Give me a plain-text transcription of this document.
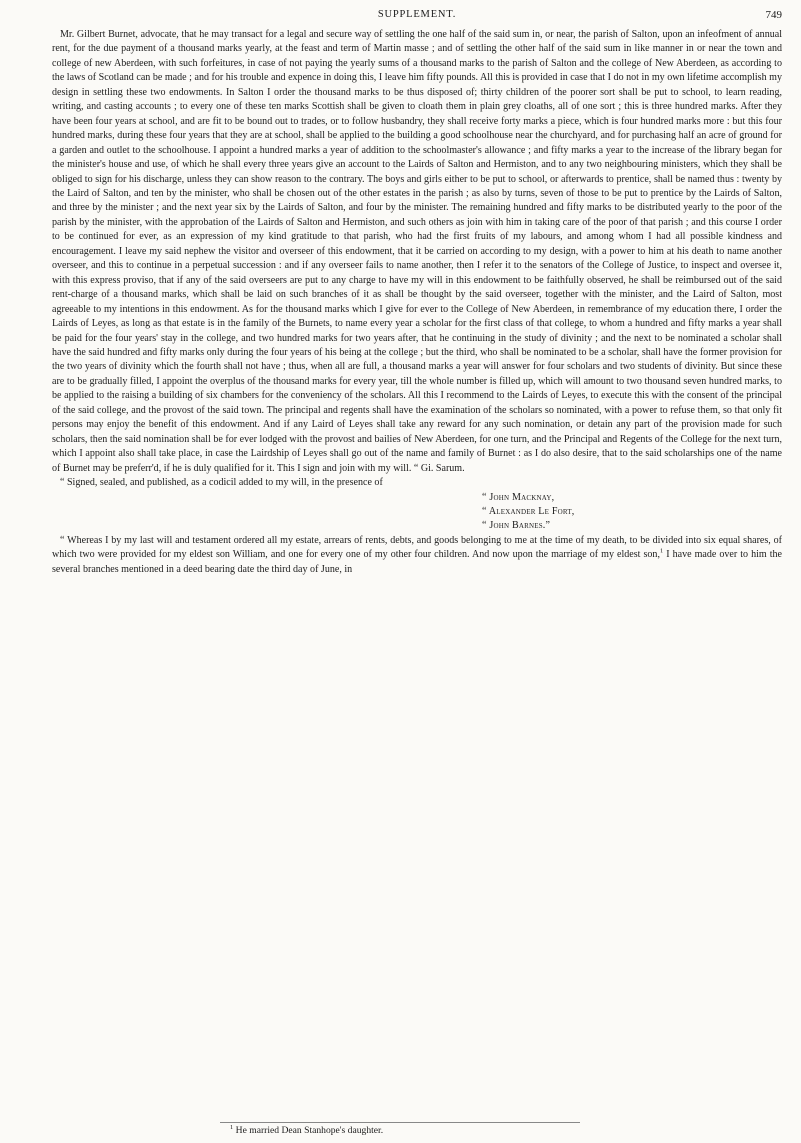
SUPPLEMENT.	749

Mr. Gilbert Burnet, advocate, that he may transact for a legal and secure way of settling the one half of the said sum in, or near, the parish of Salton, upon an infeofment of annual rent, for the due payment of a thousand marks yearly, at the feast and term of Martin masse ; and of settling the other half of the said sum in like manner in or near the town and college of new Aberdeen, with such forfeitures, in case of not paying the yearly sums of a thousand marks to the parish of Salton and the college of New Aberdeen, as according to the laws of Scotland can be made ; and for his trouble and expence in doing this, I leave him fifty pounds. All this is provided in case that I do not in my own lifetime accomplish my design in settling these two endowments. In Salton I order the thousand marks to be thus disposed of; thirty children of the poorer sort shall be put to school, to learn reading, writing, and casting accounts ; to every one of these ten marks Scottish shall be given to cloath them in plain grey cloaths, all of one sort ; this is three hundred marks. After they have been four years at school, and are fit to be bound out to trades, or to follow husbandry, they shall receive forty marks a piece, which is four hundred marks more : but this four hundred marks, during these four years that they are at school, shall be applied to the building a good schoolhouse near the churchyard, and for purchasing half an acre of ground for a garden and outlet to the schoolhouse. I appoint a hundred marks a year of addition to the schoolmaster's allowance ; and fifty marks a year to the increase of the library began for the minister's house and use, of which he shall every three years give an account to the Lairds of Salton and Hermiston, and to any two neighbouring ministers, which they shall be obliged to sign for his discharge, unless they can show reason to the contrary. The boys and girls either to be put to school, or afterwards to prentice, shall be named thus : twenty by the Laird of Salton, and ten by the minister, who shall be chosen out of the other estates in the parish ; as also by turns, seven of those to be put to prentice by the Lairds of Salton, and three by the minister ; and the next year six by the Lairds of Salton, and four by the minister. The remaining hundred and fifty marks to be distributed yearly to the poor of the parish by the minister, with the approbation of the Lairds of Salton and Hermiston, and such others as join with him in taking care of the poor of that parish ; and this course I order to be continued for ever, as an expression of my kind gratitude to that parish, who had the first fruits of my labours, and among whom I had all possible kindness and encouragement. I leave my said nephew the visitor and overseer of this endowment, that it be carried on according to my design, with a power to him at his death to name another overseer, and this to continue in a perpetual succession : and if any overseer fails to name another, then I refer it to the senators of the College of Justice, to inspect and oversee it, with this express proviso, that if any of the said overseers are put to any charge to have my will in this endowment to be faithfully observed, he shall be reimbursed out of the said rent-charge of a thousand marks, which shall be laid on such branches of it as shall be thought by the said overseer, together with the minister, and the Laird of Salton, most agreeable to my intentions in this endowment. As for the thousand marks which I give for ever to the College of New Aberdeen, in remembrance of my education there, I order the Lairds of Leyes, as long as that estate is in the family of the Burnets, to name every year a scholar for the first class of that college, to whom a hundred and fifty marks a year shall be paid for the four years' stay in the college, and two hundred marks for two years after, that he continuing in the study of divinity ; and the next to be nominated a scholar shall have the said hundred and fifty marks only during the four years of his being at the college ; but the third, who shall be nominated to be a scholar, shall have the former provision for the two years of divinity which the fourth shall not have ; thus, when all are full, a thousand marks a year will answer for four scholars and two students of divinity. But since these are to be gradually filled, I appoint the overplus of the thousand marks for every year, till the whole number is filled up, which will amount to two thousand seven hundred marks, to be applied to the raising a building of six chambers for the conveniency of the scholars. All this I recommend to the Lairds of Leyes, to execute this with the consent of the principal of the said college, and the provost of the said town. The principal and regents shall have the examination of the scholars so nominated, with a power to refuse them, so that only fit persons may enjoy the benefit of this endowment. And if any Laird of Leyes shall take any reward for any such nomination, or detain any part of the provision made for such scholars, then the said nomination shall be for ever lodged with the provost and bailies of New Aberdeen, for one turn, and the Principal and Regents of the College for the next turn, which I appoint also shall take place, in case the Lairdship of Leyes shall go out of the name and family of Burnet : as I do also desire, that to the said scholarships one of the name of Burnet may be preferr'd, if he is duly qualified for it. This I sign and join with my will. “ Gi. Sarum.

“ Signed, sealed, and published, as a codicil added to my will, in the presence of

“ John Macknay,

“ Alexander Le Fort,

“ John Barnes.”

“ Whereas I by my last will and testament ordered all my estate, arrears of rents, debts, and goods belonging to me at the time of my death, to be divided into six equal shares, of which two were provided for my eldest son William, and one for every one of my other four children. And now upon the marriage of my eldest son,$^1$ I have made over to him the several branches mentioned in a deed bearing date the third day of June, in

$^1$ He married Dean Stanhope's daughter.
